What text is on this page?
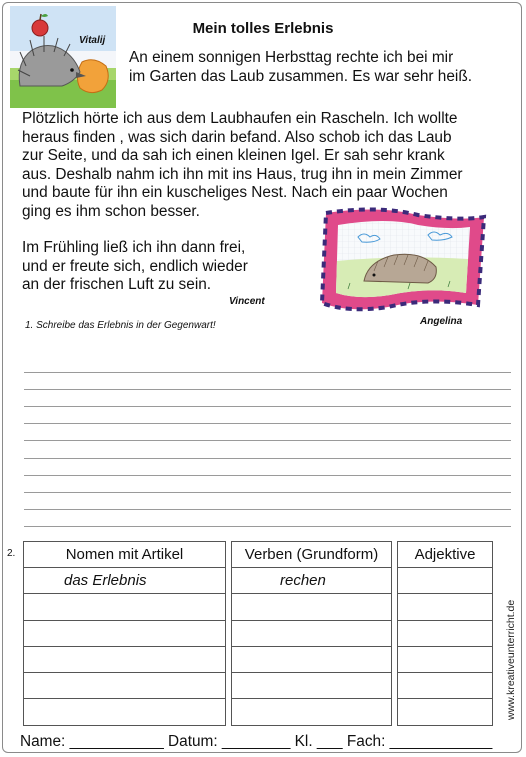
Vitalij
Mein tolles Erlebnis
An einem sonnigen Herbsttag rechte ich bei mir
im Garten das Laub zusammen. Es war sehr heiß.
Plötzlich hörte ich aus dem Laubhaufen ein Rascheln. Ich wollte
heraus finden , was sich darin befand. Also schob ich das Laub
zur Seite, und da sah ich einen kleinen Igel. Er sah sehr krank
aus. Deshalb nahm ich ihn mit ins Haus, trug ihn in mein Zimmer
und baute für ihn ein kuscheliges Nest. Nach ein paar Wochen
ging es ihm schon besser.
Im Frühling ließ ich ihn dann frei,
und er freute sich, endlich wieder
an der frischen Luft zu sein.
Vincent
Angelina
1. Schreibe das Erlebnis in der Gegenwart!
2.	Nomen mit Artikel
das Erlebnis
Verben (Grundform)
rechen
Adjektive
www.kreativeunterricht.de
Name: ___________ Datum: ________ Kl. ___ Fach: ____________
